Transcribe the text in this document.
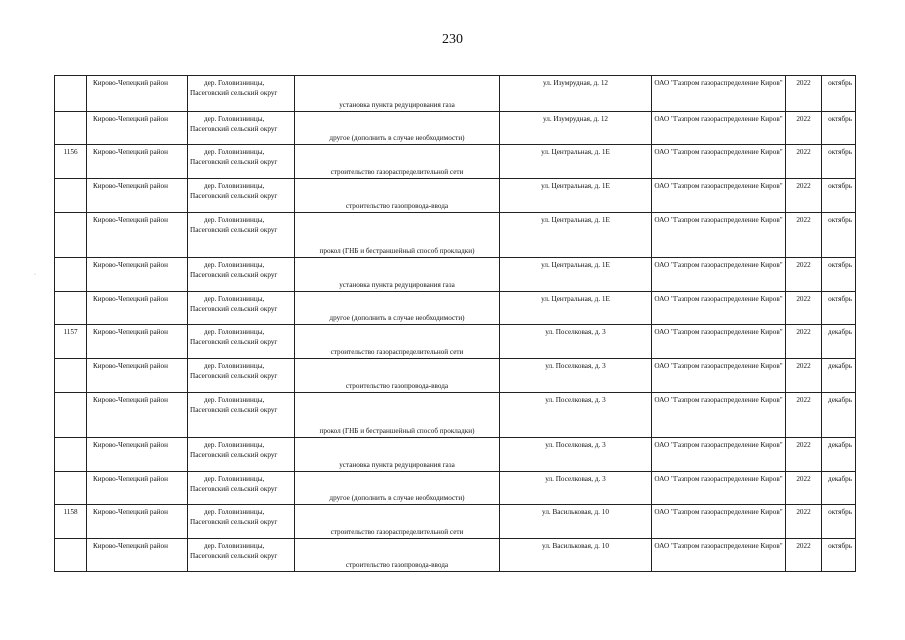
230
	Кирово-Чепецкий район	дер. Головизнинцы,
Пасеговский сельский округ	установка пункта редуцирования газа	ул. Изумрудная, д. 12	ОАО "Газпром газораспределение Киров"	2022	октябрь
	Кирово-Чепецкий район	дер. Головизнинцы,
Пасеговский сельский округ	другое (дополнить в случае необходимости)	ул. Изумрудная, д. 12	ОАО "Газпром газораспределение Киров"	2022	октябрь
1156	Кирово-Чепецкий район	дер. Головизнинцы,
Пасеговский сельский округ	строительство газораспределительной сети	ул. Центральная, д. 1Е	ОАО "Газпром газораспределение Киров"	2022	октябрь
	Кирово-Чепецкий район	дер. Головизнинцы,
Пасеговский сельский округ	строительство газопровода-ввода	ул. Центральная, д. 1Е	ОАО "Газпром газораспределение Киров"	2022	октябрь
	Кирово-Чепецкий район	дер. Головизнинцы,
Пасеговский сельский округ	прокол (ГНБ и бестраншейный способ прокладки)	ул. Центральная, д. 1Е	ОАО "Газпром газораспределение Киров"	2022	октябрь
	Кирово-Чепецкий район	дер. Головизнинцы,
Пасеговский сельский округ	установка пункта редуцирования газа	ул. Центральная, д. 1Е	ОАО "Газпром газораспределение Киров"	2022	октябрь
	Кирово-Чепецкий район	дер. Головизнинцы,
Пасеговский сельский округ	другое (дополнить в случае необходимости)	ул. Центральная, д. 1Е	ОАО "Газпром газораспределение Киров"	2022	октябрь
1157	Кирово-Чепецкий район	дер. Головизнинцы,
Пасеговский сельский округ	строительство газораспределительной сети	ул. Поселковая, д. 3	ОАО "Газпром газораспределение Киров"	2022	декабрь
	Кирово-Чепецкий район	дер. Головизнинцы,
Пасеговский сельский округ	строительство газопровода-ввода	ул. Поселковая, д. 3	ОАО "Газпром газораспределение Киров"	2022	декабрь
	Кирово-Чепецкий район	дер. Головизнинцы,
Пасеговский сельский округ	прокол (ГНБ и бестраншейный способ прокладки)	ул. Поселковая, д. 3	ОАО "Газпром газораспределение Киров"	2022	декабрь
	Кирово-Чепецкий район	дер. Головизнинцы,
Пасеговский сельский округ	установка пункта редуцирования газа	ул. Поселковая, д. 3	ОАО "Газпром газораспределение Киров"	2022	декабрь
	Кирово-Чепецкий район	дер. Головизнинцы,
Пасеговский сельский округ	другое (дополнить в случае необходимости)	ул. Поселковая, д. 3	ОАО "Газпром газораспределение Киров"	2022	декабрь
1158	Кирово-Чепецкий район	дер. Головизнинцы,
Пасеговский сельский округ	строительство газораспределительной сети	ул. Васильковая, д. 10	ОАО "Газпром газораспределение Киров"	2022	октябрь
	Кирово-Чепецкий район	дер. Головизнинцы,
Пасеговский сельский округ	строительство газопровода-ввода	ул. Васильковая, д. 10	ОАО "Газпром газораспределение Киров"	2022	октябрь
·
